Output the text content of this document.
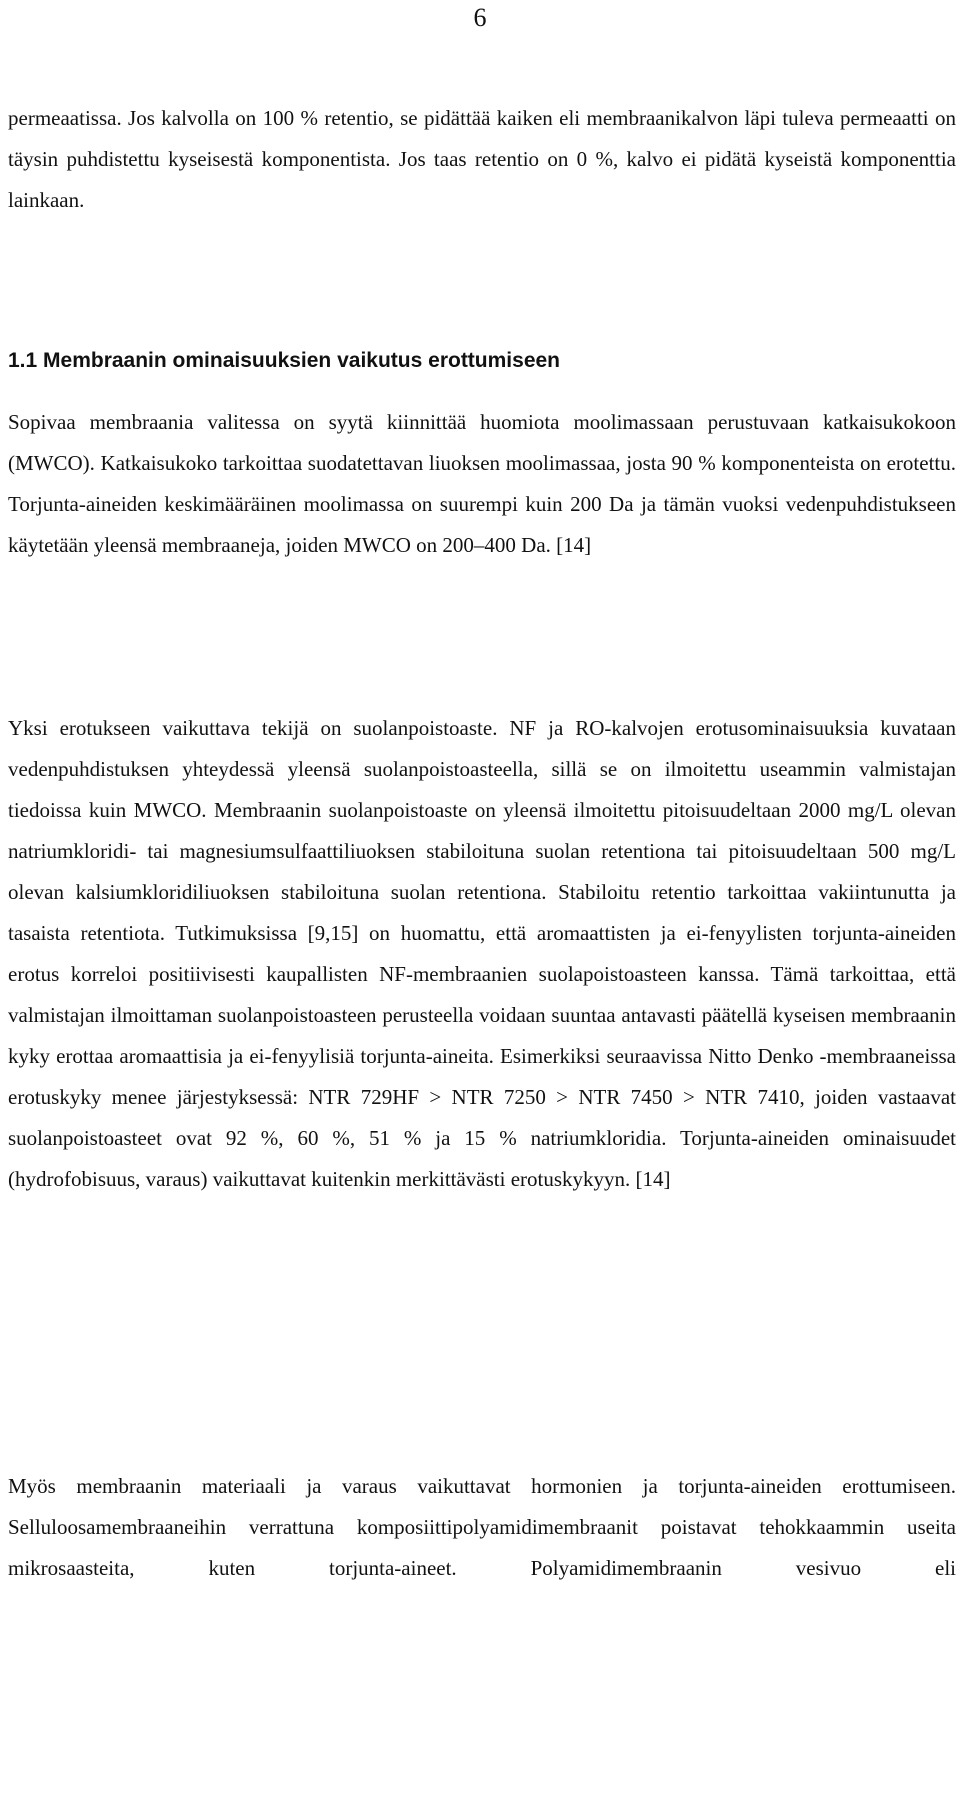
6

permeaatissa. Jos kalvolla on 100 % retentio, se pidättää kaiken eli membraanikalvon läpi tuleva permeaatti on täysin puhdistettu kyseisestä komponentista. Jos taas retentio on 0 %, kalvo ei pidätä kyseistä komponenttia lainkaan.

1.1 Membraanin ominaisuuksien vaikutus erottumiseen

Sopivaa membraania valitessa on syytä kiinnittää huomiota moolimassaan perustuvaan katkaisukokoon (MWCO). Katkaisukoko tarkoittaa suodatettavan liuoksen moolimassaa, josta 90 % komponenteista on erotettu. Torjunta-aineiden keskimääräinen moolimassa on suurempi kuin 200 Da ja tämän vuoksi vedenpuhdistukseen käytetään yleensä membraaneja, joiden MWCO on 200–400 Da. [14]

Yksi erotukseen vaikuttava tekijä on suolanpoistoaste. NF ja RO-kalvojen erotusominaisuuksia kuvataan vedenpuhdistuksen yhteydessä yleensä suolanpoistoasteella, sillä se on ilmoitettu useammin valmistajan tiedoissa kuin MWCO. Membraanin suolanpoistoaste on yleensä ilmoitettu pitoisuudeltaan 2000 mg/L olevan natriumkloridi- tai magnesiumsulfaattiliuoksen stabiloituna suolan retentiona tai pitoisuudeltaan 500 mg/L olevan kalsiumkloridiliuoksen stabiloituna suolan retentiona. Stabiloitu retentio tarkoittaa vakiintunutta ja tasaista retentiota. Tutkimuksissa [9,15] on huomattu, että aromaattisten ja ei-fenyylisten torjunta-aineiden erotus korreloi positiivisesti kaupallisten NF-membraanien suolapoistoasteen kanssa. Tämä tarkoittaa, että valmistajan ilmoittaman suolanpoistoasteen perusteella voidaan suuntaa antavasti päätellä kyseisen membraanin kyky erottaa aromaattisia ja ei-fenyylisiä torjunta-aineita. Esimerkiksi seuraavissa Nitto Denko -membraaneissa erotuskyky menee järjestyksessä: NTR 729HF > NTR 7250 > NTR 7450 > NTR 7410, joiden vastaavat suolanpoistoasteet ovat 92 %, 60 %, 51 % ja 15 % natriumkloridia. Torjunta-aineiden ominaisuudet (hydrofobisuus, varaus) vaikuttavat kuitenkin merkittävästi erotuskykyyn. [14]

Myös membraanin materiaali ja varaus vaikuttavat hormonien ja torjunta-aineiden erottumiseen. Selluloosamembraaneihin verrattuna komposiittipolyamidimembraanit poistavat tehokkaammin useita mikrosaasteita, kuten torjunta-aineet. Polyamidimembraanin vesivuo eli
